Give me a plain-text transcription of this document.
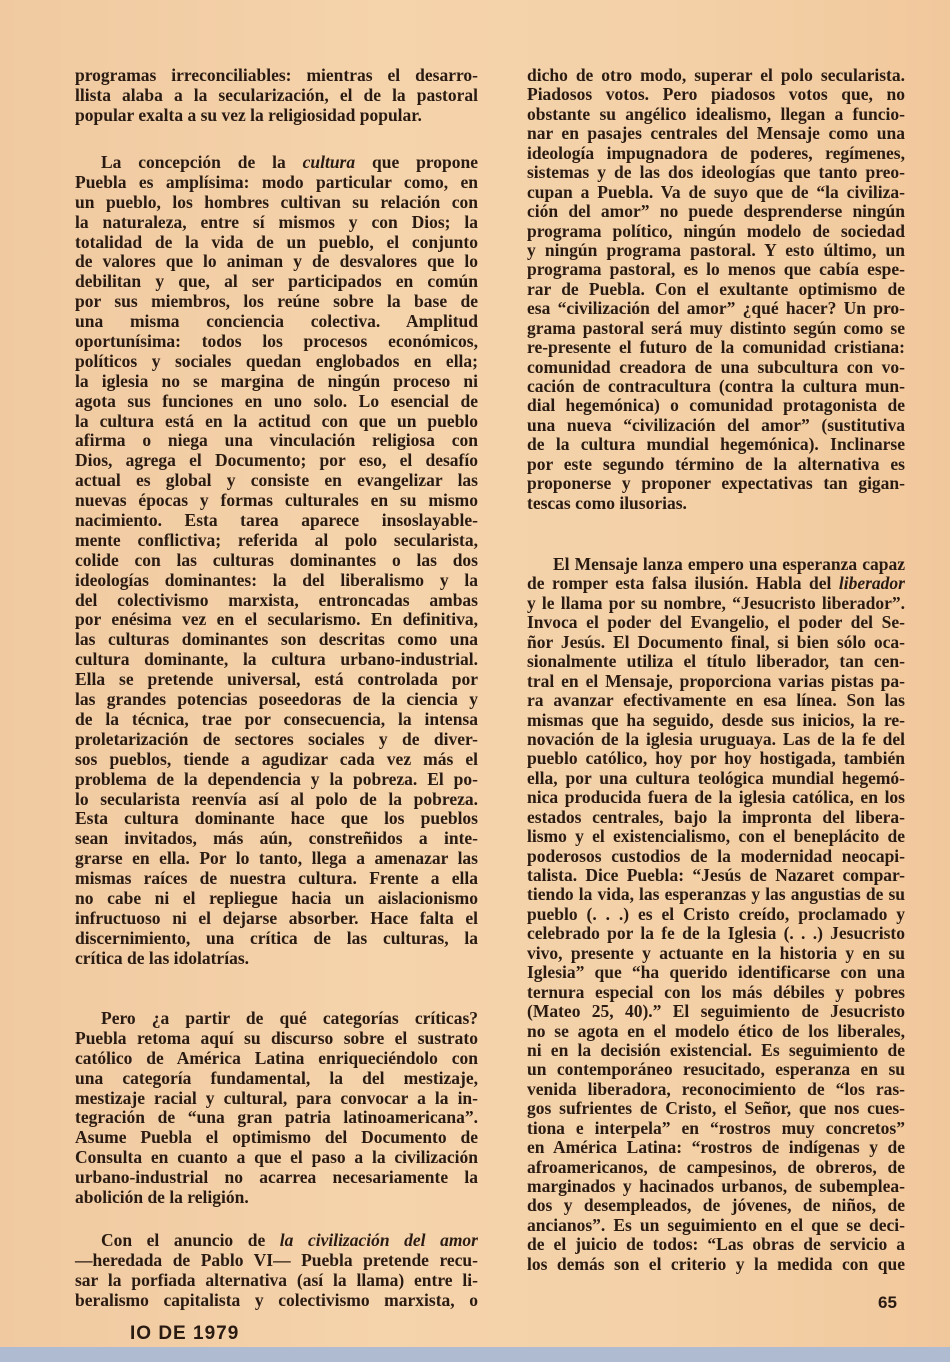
programas irreconciliables: mientras el desarro-
llista alaba a la secularización, el de la pastoral
popular exalta a su vez la religiosidad popular.
La concepción de la cultura que propone
Puebla es amplísima: modo particular como, en
un pueblo, los hombres cultivan su relación con
la naturaleza, entre sí mismos y con Dios; la
totalidad de la vida de un pueblo, el conjunto
de valores que lo animan y de desvalores que lo
debilitan y que, al ser participados en común
por sus miembros, los reúne sobre la base de
una misma conciencia colectiva. Amplitud
oportunísima: todos los procesos económicos,
políticos y sociales quedan englobados en ella;
la iglesia no se margina de ningún proceso ni
agota sus funciones en uno solo. Lo esencial de
la cultura está en la actitud con que un pueblo
afirma o niega una vinculación religiosa con
Dios, agrega el Documento; por eso, el desafío
actual es global y consiste en evangelizar las
nuevas épocas y formas culturales en su mismo
nacimiento. Esta tarea aparece insoslayable-
mente conflictiva; referida al polo secularista,
colide con las culturas dominantes o las dos
ideologías dominantes: la del liberalismo y la
del colectivismo marxista, entroncadas ambas
por enésima vez en el secularismo. En definitiva,
las culturas dominantes son descritas como una
cultura dominante, la cultura urbano-industrial.
Ella se pretende universal, está controlada por
las grandes potencias poseedoras de la ciencia y
de la técnica, trae por consecuencia, la intensa
proletarización de sectores sociales y de diver-
sos pueblos, tiende a agudizar cada vez más el
problema de la dependencia y la pobreza. El po-
lo secularista reenvía así al polo de la pobreza.
Esta cultura dominante hace que los pueblos
sean invitados, más aún, constreñidos a inte-
grarse en ella. Por lo tanto, llega a amenazar las
mismas raíces de nuestra cultura. Frente a ella
no cabe ni el repliegue hacia un aislacionismo
infructuoso ni el dejarse absorber. Hace falta el
discernimiento, una crítica de las culturas, la
crítica de las idolatrías.
Pero ¿a partir de qué categorías críticas?
Puebla retoma aquí su discurso sobre el sustrato
católico de América Latina enriqueciéndolo con
una categoría fundamental, la del mestizaje,
mestizaje racial y cultural, para convocar a la in-
tegración de “una gran patria latinoamericana”.
Asume Puebla el optimismo del Documento de
Consulta en cuanto a que el paso a la civilización
urbano-industrial no acarrea necesariamente la
abolición de la religión.
Con el anuncio de la civilización del amor
—heredada de Pablo VI— Puebla pretende recu-
sar la porfiada alternativa (así la llama) entre li-
beralismo capitalista y colectivismo marxista, o
dicho de otro modo, superar el polo secularista.
Piadosos votos. Pero piadosos votos que, no
obstante su angélico idealismo, llegan a funcio-
nar en pasajes centrales del Mensaje como una
ideología impugnadora de poderes, regímenes,
sistemas y de las dos ideologías que tanto preo-
cupan a Puebla. Va de suyo que de “la civiliza-
ción del amor” no puede desprenderse ningún
programa político, ningún modelo de sociedad
y ningún programa pastoral. Y esto último, un
programa pastoral, es lo menos que cabía espe-
rar de Puebla. Con el exultante optimismo de
esa “civilización del amor” ¿qué hacer? Un pro-
grama pastoral será muy distinto según como se
re-presente el futuro de la comunidad cristiana:
comunidad creadora de una subcultura con vo-
cación de contracultura (contra la cultura mun-
dial hegemónica) o comunidad protagonista de
una nueva “civilización del amor” (sustitutiva
de la cultura mundial hegemónica). Inclinarse
por este segundo término de la alternativa es
proponerse y proponer expectativas tan gigan-
tescas como ilusorias.
El Mensaje lanza empero una esperanza capaz
de romper esta falsa ilusión. Habla del liberador
y le llama por su nombre, “Jesucristo liberador”.
Invoca el poder del Evangelio, el poder del Se-
ñor Jesús. El Documento final, si bien sólo oca-
sionalmente utiliza el título liberador, tan cen-
tral en el Mensaje, proporciona varias pistas pa-
ra avanzar efectivamente en esa línea. Son las
mismas que ha seguido, desde sus inicios, la re-
novación de la iglesia uruguaya. Las de la fe del
pueblo católico, hoy por hoy hostigada, también
ella, por una cultura teológica mundial hegemó-
nica producida fuera de la iglesia católica, en los
estados centrales, bajo la impronta del libera-
lismo y el existencialismo, con el beneplácito de
poderosos custodios de la modernidad neocapi-
talista. Dice Puebla: “Jesús de Nazaret compar-
tiendo la vida, las esperanzas y las angustias de su
pueblo (. . .) es el Cristo creído, proclamado y
celebrado por la fe de la Iglesia (. . .) Jesucristo
vivo, presente y actuante en la historia y en su
Iglesia” que “ha querido identificarse con una
ternura especial con los más débiles y pobres
(Mateo 25, 40).” El seguimiento de Jesucristo
no se agota en el modelo ético de los liberales,
ni en la decisión existencial. Es seguimiento de
un contemporáneo resucitado, esperanza en su
venida liberadora, reconocimiento de “los ras-
gos sufrientes de Cristo, el Señor, que nos cues-
tiona e interpela” en “rostros muy concretos”
en América Latina: “rostros de indígenas y de
afroamericanos, de campesinos, de obreros, de
marginados y hacinados urbanos, de subemplea-
dos y desempleados, de jóvenes, de niños, de
ancianos”. Es un seguimiento en el que se deci-
de el juicio de todos: “Las obras de servicio a
los demás son el criterio y la medida con que
65
IO DE 1979
